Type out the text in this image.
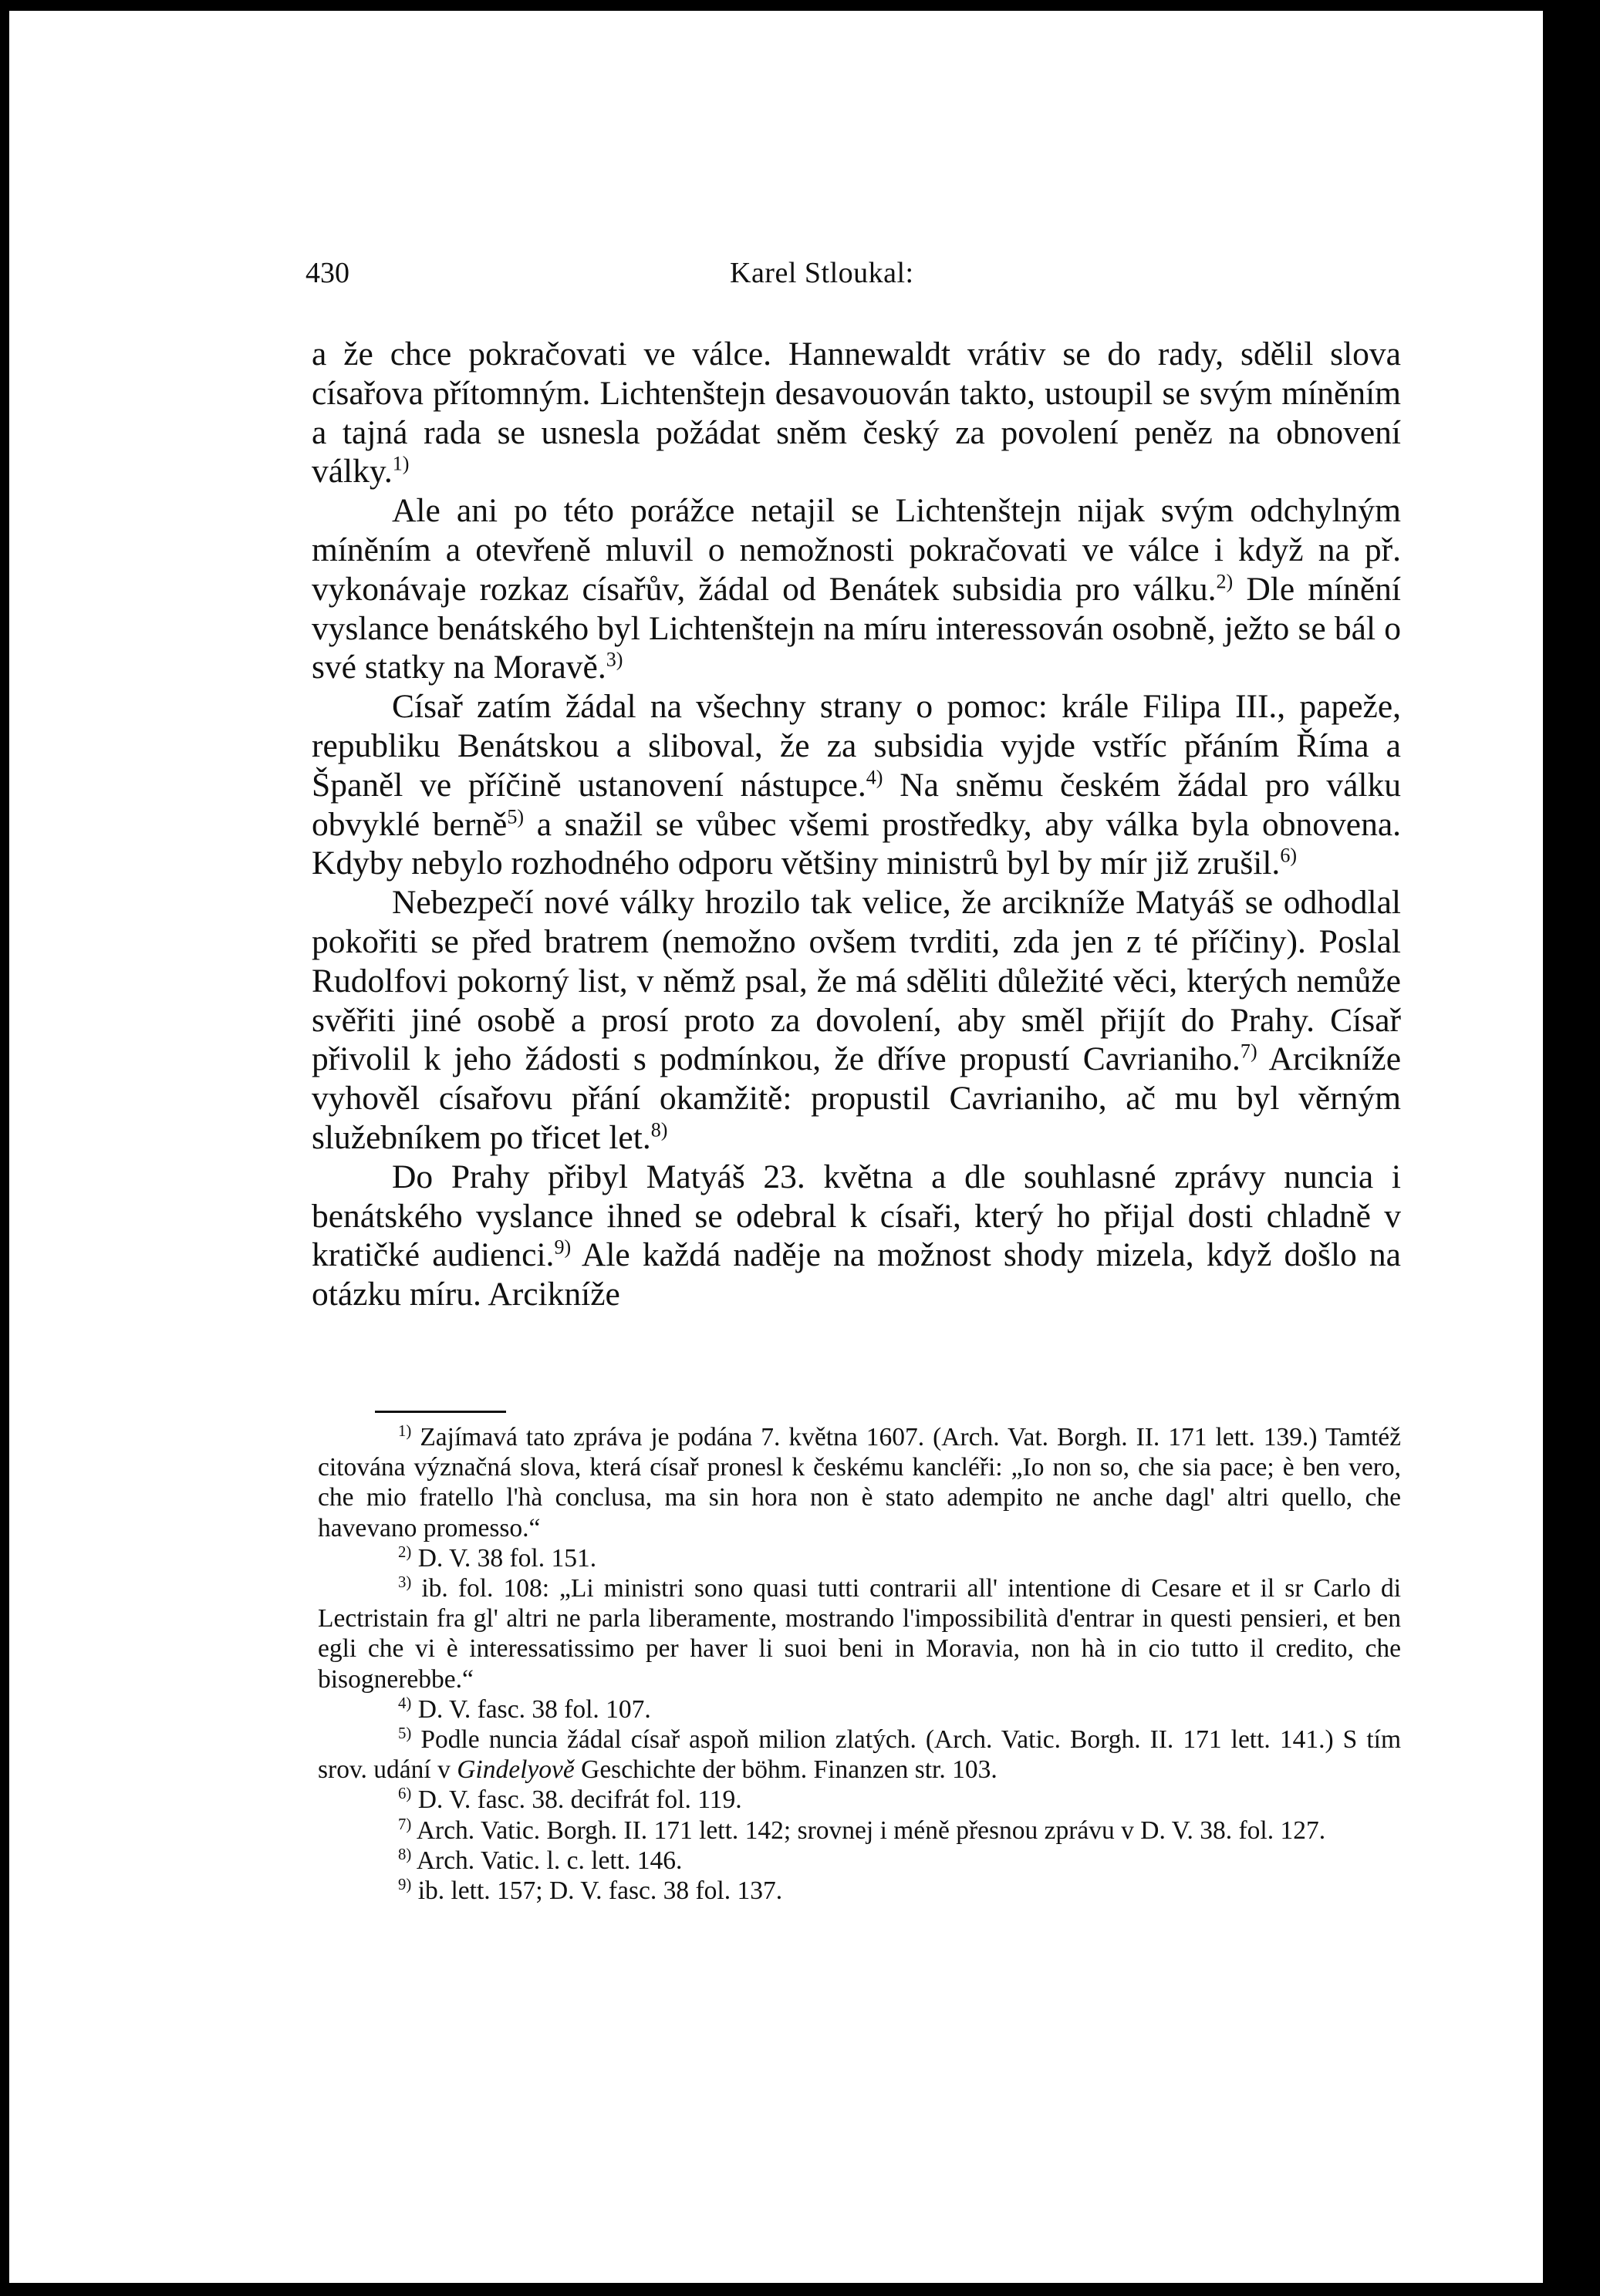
430	Karel Stloukal:

a že chce pokračovati ve válce. Hannewaldt vrátiv se do rady, sdělil slova císařova přítomným. Lichtenštejn desavouován takto, ustoupil se svým míněním a tajná rada se usnesla požádat sněm český za povolení peněz na obnovení války.$^{1)}$

Ale ani po této porážce netajil se Lichtenštejn nijak svým odchylným míněním a otevřeně mluvil o nemožnosti pokračovati ve válce i když na př. vykonávaje rozkaz císařův, žádal od Benátek subsidia pro válku.$^{2)}$ Dle mínění vyslance benátského byl Lichtenštejn na míru interessován osobně, ježto se bál o své statky na Moravě.$^{3)}$

Císař zatím žádal na všechny strany o pomoc: krále Filipa III., papeže, republiku Benátskou a sliboval, že za subsidia vyjde vstříc přáním Říma a Španěl ve příčině ustanovení nástupce.$^{4)}$ Na sněmu českém žádal pro válku obvyklé berně$^{5)}$ a snažil se vůbec všemi prostředky, aby válka byla obnovena. Kdyby nebylo rozhodného odporu většiny ministrů byl by mír již zrušil.$^{6)}$

Nebezpečí nové války hrozilo tak velice, že arcikníže Matyáš se odhodlal pokořiti se před bratrem (nemožno ovšem tvrditi, zda jen z té příčiny). Poslal Rudolfovi pokorný list, v němž psal, že má sděliti důležité věci, kterých nemůže svěřiti jiné osobě a prosí proto za dovolení, aby směl přijít do Prahy. Císař přivolil k jeho žádosti s podmínkou, že dříve propustí Cavrianiho.$^{7)}$ Arcikníže vyhověl císařovu přání okamžitě: propustil Cavrianiho, ač mu byl věrným služebníkem po třicet let.$^{8)}$

Do Prahy přibyl Matyáš 23. května a dle souhlasné zprávy nuncia i benátského vyslance ihned se odebral k císaři, který ho přijal dosti chladně v kratičké audienci.$^{9)}$ Ale každá naděje na možnost shody mizela, když došlo na otázku míru. Arcikníže

$^{1)}$ Zajímavá tato zpráva je podána 7. května 1607. (Arch. Vat. Borgh. II. 171 lett. 139.) Tamtéž citována význačná slova, která císař pronesl k českému kancléři: „Io non so, che sia pace; è ben vero, che mio fratello l'hà conclusa, ma sin hora non è stato adempito ne anche dagl' altri quello, che havevano promesso.“

$^{2)}$ D. V. 38 fol. 151.

$^{3)}$ ib. fol. 108: „Li ministri sono quasi tutti contrarii all' intentione di Cesare et il sr Carlo di Lectristain fra gl' altri ne parla liberamente, mostrando l'impossibilità d'entrar in questi pensieri, et ben egli che vi è interessatissimo per haver li suoi beni in Moravia, non hà in cio tutto il credito, che bisognerebbe.“

$^{4)}$ D. V. fasc. 38 fol. 107.

$^{5)}$ Podle nuncia žádal císař aspoň milion zlatých. (Arch. Vatic. Borgh. II. 171 lett. 141.) S tím srov. udání v Gindelyově Geschichte der böhm. Finanzen str. 103.

$^{6)}$ D. V. fasc. 38. decifrát fol. 119.

$^{7)}$ Arch. Vatic. Borgh. II. 171 lett. 142; srovnej i méně přesnou zprávu v D. V. 38. fol. 127.

$^{8)}$ Arch. Vatic. l. c. lett. 146.

$^{9)}$ ib. lett. 157; D. V. fasc. 38 fol. 137.
